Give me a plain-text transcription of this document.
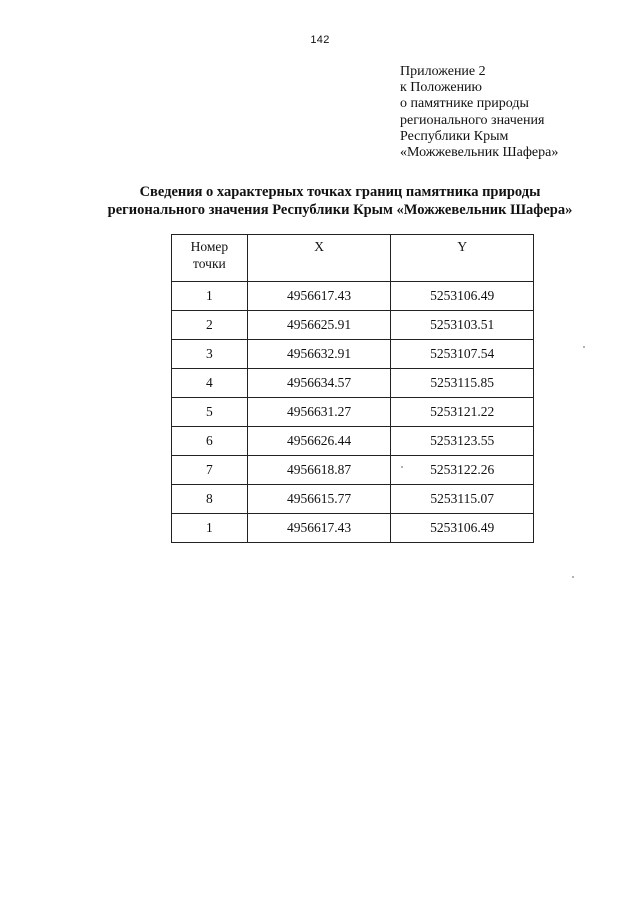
142
Приложение 2
к Положению
о памятнике природы
регионального значения
Республики Крым
«Можжевельник Шафера»
Сведения о характерных точках границ памятника природы
регионального значения Республики Крым «Можжевельник Шафера»
Номер
точки	X	Y
1	4956617.43	5253106.49
2	4956625.91	5253103.51
3	4956632.91	5253107.54
4	4956634.57	5253115.85
5	4956631.27	5253121.22
6	4956626.44	5253123.55
7	4956618.87	5253122.26
8	4956615.77	5253115.07
1	4956617.43	5253106.49
